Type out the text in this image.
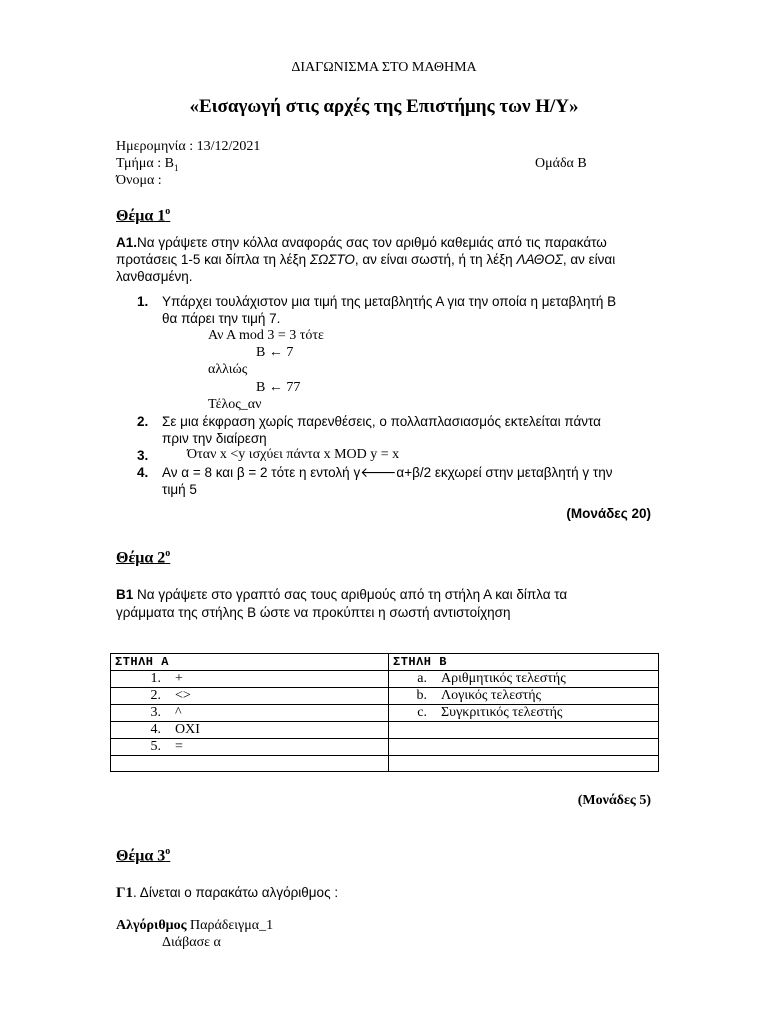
ΔΙΑΓΩΝΙΣΜΑ ΣΤΟ ΜΑΘΗΜΑ
«Εισαγωγή στις αρχές της Επιστήμης των Η/Υ»
Ημερομηνία : 13/12/2021
Τμήμα : $B_1$	Ομάδα Β
Όνομα :
Θέμα $1^o$
Α1.Να γράψετε στην κόλλα αναφοράς σας τον αριθμό καθεμιάς από τις παρακάτω
προτάσεις 1-5 και δίπλα τη λέξη ΣΩΣΤΟ, αν είναι σωστή, ή τη λέξη ΛΑΘΟΣ, αν είναι
λανθασμένη.
1. Υπάρχει τουλάχιστον μια τιμή της μεταβλητής Α για την οποία η μεταβλητή Β
θα πάρει την τιμή 7.
Αν Α mod 3 = 3 τότε
Β ← 7
αλλιώς
Β ← 77
Τέλος_αν
2. Σε μια έκφραση χωρίς παρενθέσεις, ο πολλαπλασιασμός εκτελείται πάντα
πριν την διαίρεση
3.	Όταν x <y ισχύει πάντα x MOD y = x
4. Αν α = 8 και β = 2 τότε η εντολή γ🡐α+β/2 εκχωρεί στην μεταβλητή γ την
τιμή 5
(Μονάδες 20)
Θέμα $2^o$
Β1 Να γράψετε στο γραπτό σας τους αριθμούς από τη στήλη Α και δίπλα τα
γράμματα της στήλης Β ώστε να προκύπτει η σωστή αντιστοίχηση
ΣΤΗΛΗ Α	ΣΤΗΛΗ Β
1. +	a. Αριθμητικός τελεστής
2. <>	b. Λογικός τελεστής
3. ^	c. Συγκριτικός τελεστής
4. ΟΧΙ	
5. =	

(Μονάδες 5)
Θέμα $3^o$
Γ1. Δίνεται ο παρακάτω αλγόριθμος :
Αλγόριθμος Παράδειγμα_1
Διάβασε α
